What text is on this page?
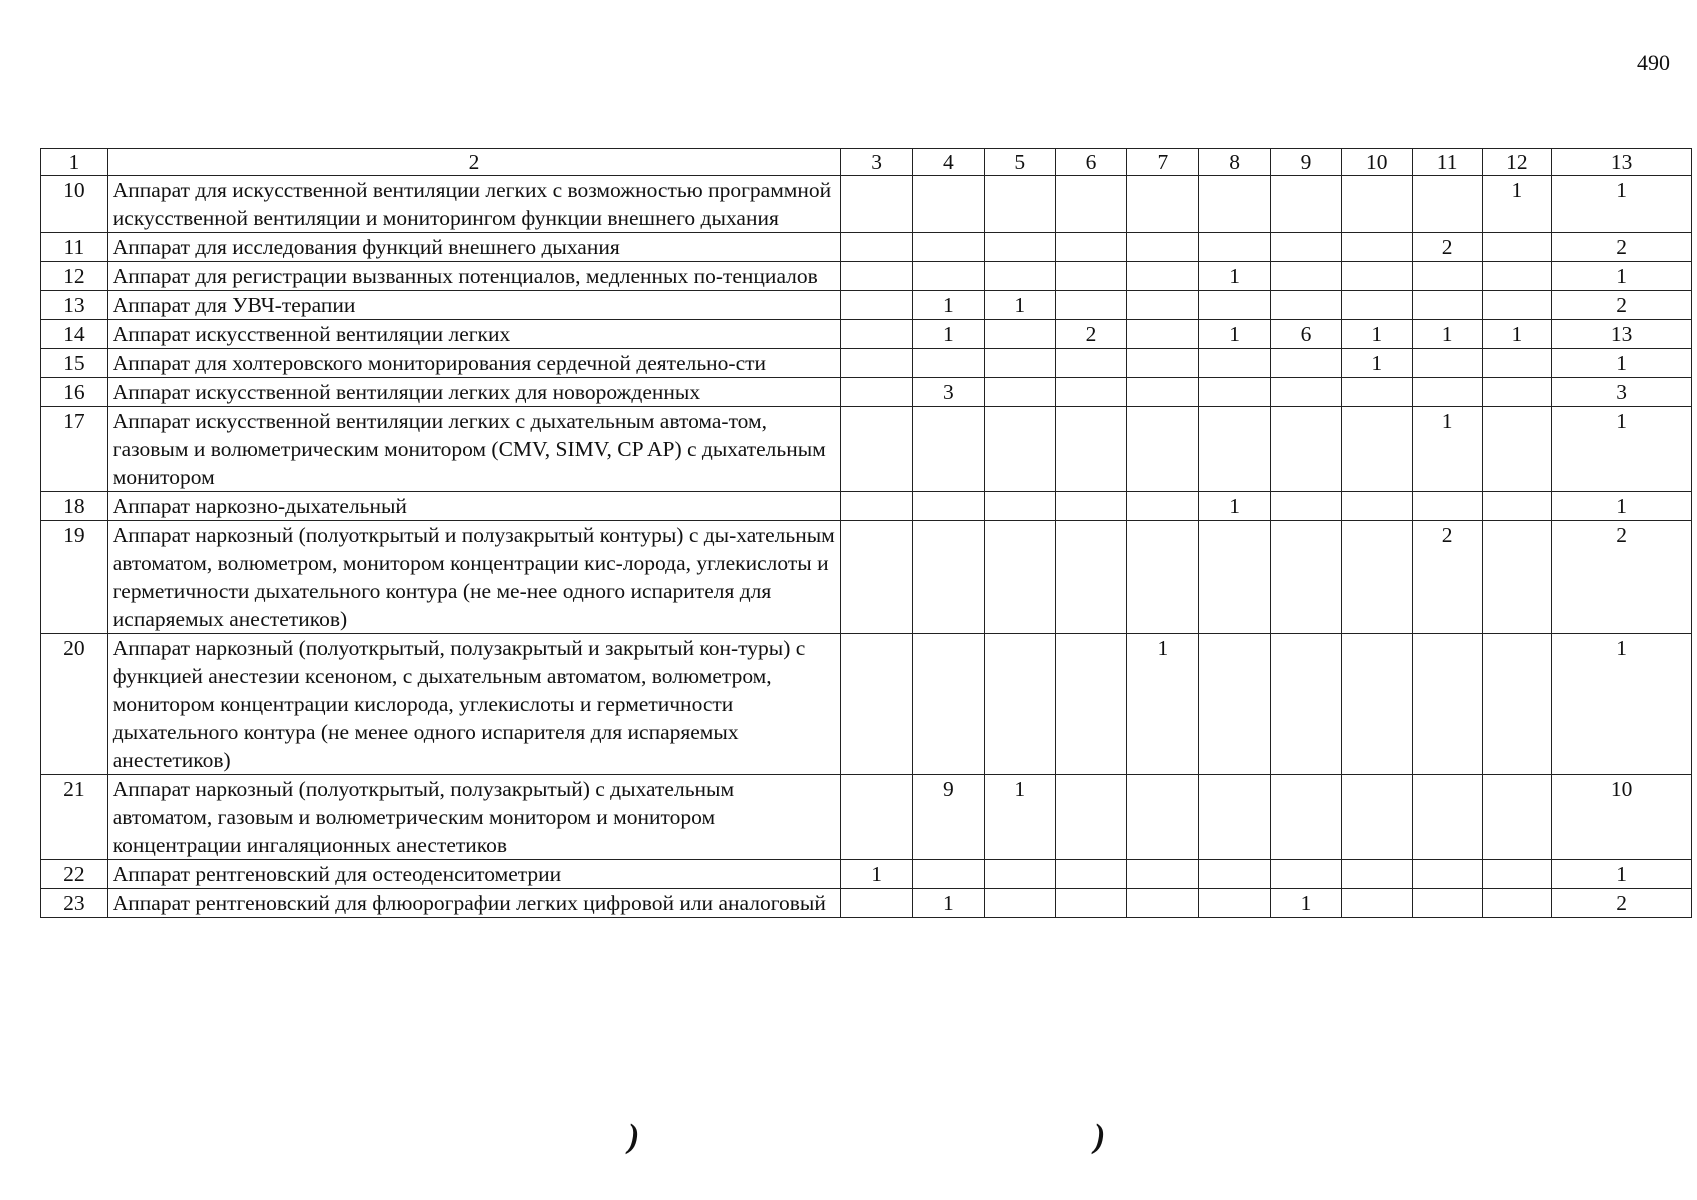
490
1	2	3	4	5	6	7	8	9	10	11	12	13
10	Аппарат для искусственной вентиляции легких с возможностью программной искусственной вентиляции и мониторингом функции внешнего дыхания										1	1
11	Аппарат для исследования функций внешнего дыхания									2		2
12	Аппарат для регистрации вызванных потенциалов, медленных по-тенциалов						1					1
13	Аппарат для УВЧ-терапии		1	1								2
14	Аппарат искусственной вентиляции легких		1		2		1	6	1	1	1	13
15	Аппарат для холтеровского мониторирования сердечной деятельно-сти								1			1
16	Аппарат искусственной вентиляции легких для новорожденных		3									3
17	Аппарат искусственной вентиляции легких с дыхательным автома-том, газовым и волюметрическим монитором (CMV, SIMV, CP AP) с дыхательным монитором									1		1
18	Аппарат наркозно-дыхательный						1					1
19	Аппарат наркозный (полуоткрытый и полузакрытый контуры) с ды-хательным автоматом, волюметром, монитором концентрации кис-лорода, углекислоты и герметичности дыхательного контура (не ме-нее одного испарителя для испаряемых анестетиков)									2		2
20	Аппарат наркозный (полуоткрытый, полузакрытый и закрытый кон-туры) с функцией анестезии ксеноном, с дыхательным автоматом, волюметром, монитором концентрации кислорода, углекислоты и герметичности дыхательного контура (не менее одного испарителя для испаряемых анестетиков)					1						1
21	Аппарат наркозный (полуоткрытый, полузакрытый) с дыхательным автоматом, газовым и волюметрическим монитором и монитором концентрации ингаляционных анестетиков		9	1								10
22	Аппарат рентгеновский для остеоденситометрии	1										1
23	Аппарат рентгеновский для флюорографии легких цифровой или аналоговый		1					1				2
)	)
